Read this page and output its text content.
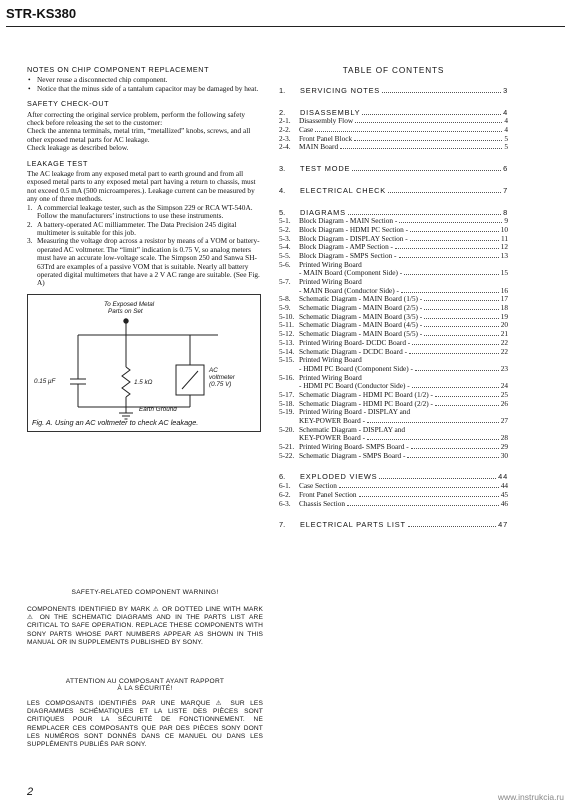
STR-KS380
NOTES ON CHIP COMPONENT REPLACEMENT
• Never reuse a disconnected chip component.
• Notice that the minus side of a tantalum capacitor may be damaged by heat.
SAFETY CHECK-OUT

After correcting the original service problem, perform the following safety check before releasing the set to the customer:

Check the antenna terminals, metal trim, “metallized” knobs, screws, and all other exposed metal parts for AC leakage.

Check leakage as described below.

LEAKAGE TEST

The AC leakage from any exposed metal part to earth ground and from all exposed metal parts to any exposed metal part having a return to chassis, must not exceed 0.5 mA (500 microamperes.). Leakage current can be measured by any one of three methods.

1. A commercial leakage tester, such as the Simpson 229 or RCA WT-540A. Follow the manufacturers’ instructions to use these instruments.
2. A battery-operated AC milliammeter. The Data Precision 245 digital multimeter is suitable for this job.
3. Measuring the voltage drop across a resistor by means of a VOM or battery-operated AC voltmeter. The “limit” indication is 0.75 V, so analog meters must have an accurate low-voltage scale. The Simpson 250 and Sanwa SH-63Trd are examples of a passive VOM that is suitable. Nearly all battery operated digital multimeters that have a 2 V AC range are suitable. (See Fig. A)
To Exposed Metal
Parts on Set
0.15 μF	1.5 kΩ
AC
voltmeter
(0.75 V)
Earth Ground
Fig. A. Using an AC voltmeter to check AC leakage.
SAFETY-RELATED COMPONENT WARNING!
COMPONENTS IDENTIFIED BY MARK ⚠ OR DOTTED LINE WITH MARK ⚠ ON THE SCHEMATIC DIAGRAMS AND IN THE PARTS LIST ARE CRITICAL TO SAFE OPERATION. REPLACE THESE COMPONENTS WITH SONY PARTS WHOSE PART NUMBERS APPEAR AS SHOWN IN THIS MANUAL OR IN SUPPLEMENTS PUBLISHED BY SONY.
ATTENTION AU COMPOSANT AYANT RAPPORT
À LA SÉCURITÉ!
LES COMPOSANTS IDENTIFIÉS PAR UNE MARQUE ⚠ SUR LES DIAGRAMMES SCHÉMATIQUES ET LA LISTE DES PIÈCES SONT CRITIQUES POUR LA SÉCURITÉ DE FONCTIONNEMENT. NE REMPLACER CES COMPOSANTS QUE PAR DES PIÈCES SONY DONT LES NUMÉROS SONT DONNÉS DANS CE MANUEL OU DANS LES SUPPLÉMENTS PUBLIÉS PAR SONY.
TABLE OF CONTENTS
1.	SERVICING NOTES	3
2.	DISASSEMBLY	4
2-1.	Disassembly Flow	4
2-2.	Case	4
2-3.	Front Panel Block	5
2-4.	MAIN Board	5
3.	TEST MODE	6
4.	ELECTRICAL CHECK	7
5.	DIAGRAMS	8
5-1.	Block Diagram - MAIN Section -	9
5-2.	Block Diagram - HDMI PC Section -	10
5-3.	Block Diagram - DISPLAY Section -	11
5-4.	Block Diagram - AMP Section -	12
5-5.	Block Diagram - SMPS Section -	13
5-6.	Printed Wiring Board
- MAIN Board (Component Side) -	15
5-7.	Printed Wiring Board
- MAIN Board (Conductor Side) -	16
5-8.	Schematic Diagram - MAIN Board (1/5) -	17
5-9.	Schematic Diagram - MAIN Board (2/5) -	18
5-10. Schematic Diagram - MAIN Board (3/5) -	19
5-11. Schematic Diagram - MAIN Board (4/5) -	20
5-12. Schematic Diagram - MAIN Board (5/5) -	21
5-13. Printed Wiring Board- DCDC Board -	22
5-14. Schematic Diagram - DCDC Board -	22
5-15. Printed Wiring Board
- HDMI PC Board (Component Side) -	23
5-16. Printed Wiring Board
- HDMI PC Board (Conductor Side) -	24
5-17. Schematic Diagram - HDMI PC Board (1/2) -	25
5-18. Schematic Diagram - HDMI PC Board (2/2) -	26
5-19. Printed Wiring Board - DISPLAY and
KEY-POWER Board -	27
5-20. Schematic Diagram - DISPLAY and
KEY-POWER Board -	28
5-21. Printed Wiring Board- SMPS Board -	29
5-22. Schematic Diagram - SMPS Board -	30
6.	EXPLODED VIEWS	44
6-1.	Case Section	44
6-2.	Front Panel Section	45
6-3.	Chassis Section	46
7.	ELECTRICAL PARTS LIST	47
2	www.instrukcia.ru
